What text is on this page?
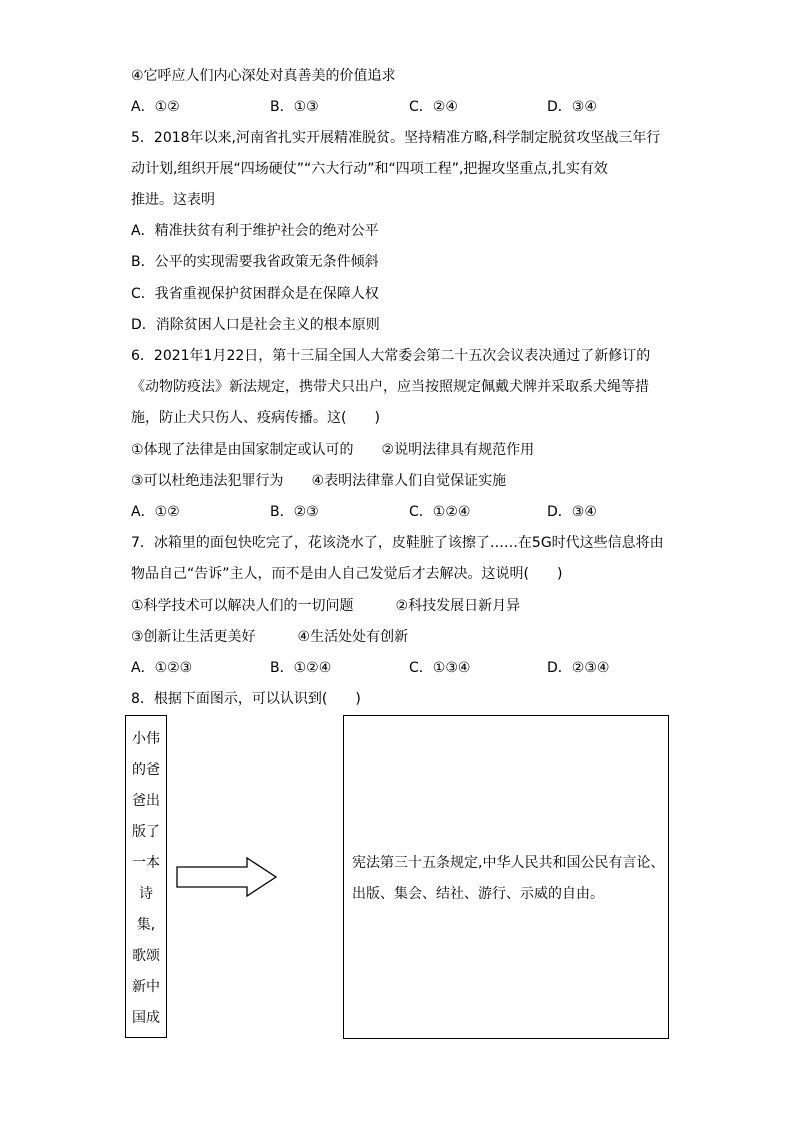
④它呼应人们内心深处对真善美的价值追求
A．①②	B．①③	C．②④	D．③④
5．2018年以来,河南省扎实开展精准脱贫。坚持精准方略,科学制定脱贫攻坚战三年行
动计划,组织开展“四场硬仗”“六大行动”和“四项工程”,把握攻坚重点,扎实有效
推进。这表明
A．精准扶贫有利于维护社会的绝对公平
B．公平的实现需要我省政策无条件倾斜
C．我省重视保护贫困群众是在保障人权
D．消除贫困人口是社会主义的根本原则
6．2021年1月22日，第十三届全国人大常委会第二十五次会议表决通过了新修订的
《动物防疫法》新法规定，携带犬只出户，应当按照规定佩戴犬牌并采取系犬绳等措
施，防止犬只伤人、疫病传播。这(　　)
①体现了法律是由国家制定或认可的　　②说明法律具有规范作用
③可以杜绝违法犯罪行为　　④表明法律靠人们自觉保证实施
A．①②	B．②③	C．①②④	D．③④
7．冰箱里的面包快吃完了，花该浇水了，皮鞋脏了该擦了……在5G时代这些信息将由
物品自己“告诉”主人，而不是由人自己发觉后才去解决。这说明(　　)
①科学技术可以解决人们的一切问题　　　②科技发展日新月异
③创新让生活更美好　　　④生活处处有创新
A．①②③	B．①②④	C．①③④	D．②③④
8．根据下面图示，可以认识到(　　)
小伟
的爸
爸出
版了
一本
诗
集,
歌颂
新中
国成
宪法第三十五条规定,中华人民共和国公民有言论、
出版、集会、结社、游行、示威的自由。
